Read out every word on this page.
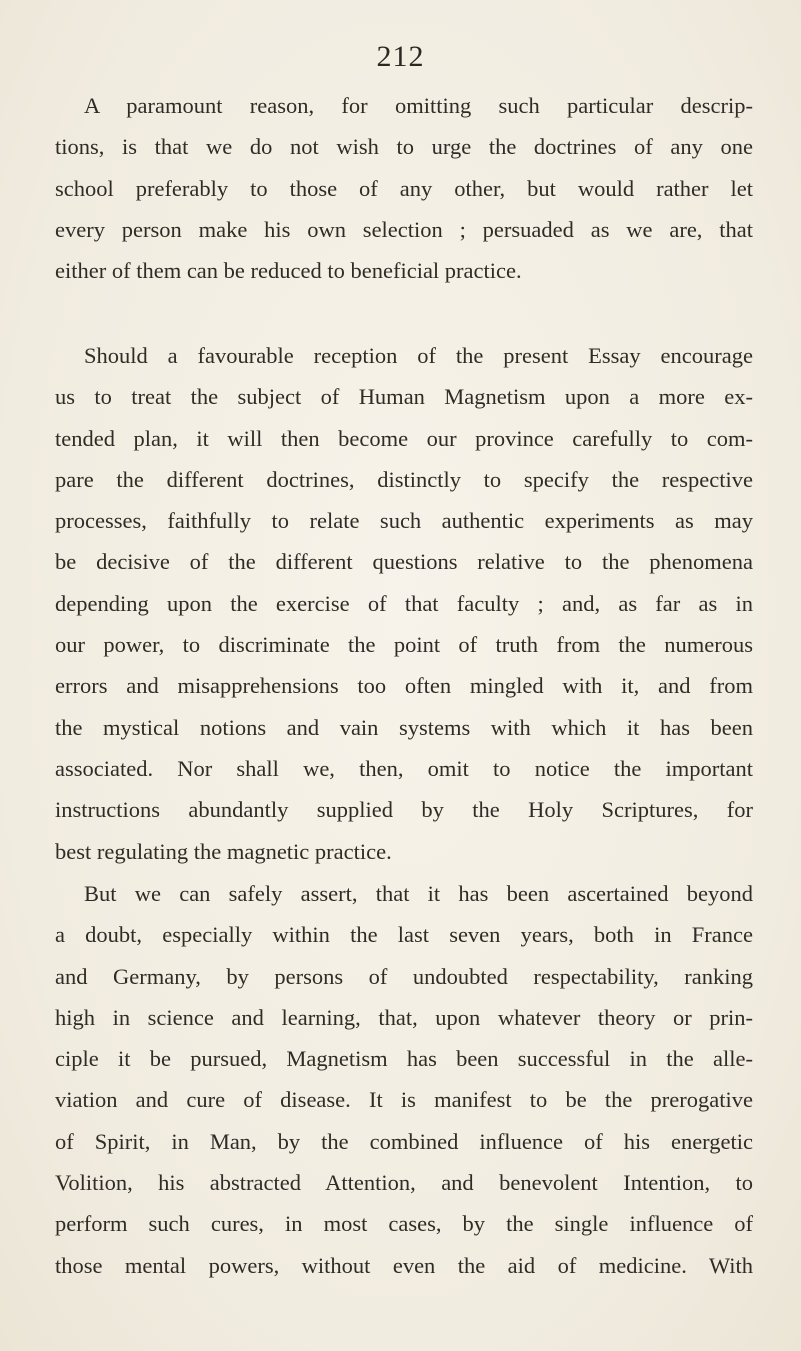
212
A paramount reason, for omitting such particular descrip-
tions, is that we do not wish to urge the doctrines of any one
school preferably to those of any other, but would rather let
every person make his own selection ; persuaded as we are, that
either of them can be reduced to beneficial practice.
Should a favourable reception of the present Essay encourage
us to treat the subject of Human Magnetism upon a more ex-
tended plan, it will then become our province carefully to com-
pare the different doctrines, distinctly to specify the respective
processes, faithfully to relate such authentic experiments as may
be decisive of the different questions relative to the phenomena
depending upon the exercise of that faculty ; and, as far as in
our power, to discriminate the point of truth from the numerous
errors and misapprehensions too often mingled with it, and from
the mystical notions and vain systems with which it has been
associated. Nor shall we, then, omit to notice the important
instructions abundantly supplied by the Holy Scriptures, for
best regulating the magnetic practice.
But we can safely assert, that it has been ascertained beyond
a doubt, especially within the last seven years, both in France
and Germany, by persons of undoubted respectability, ranking
high in science and learning, that, upon whatever theory or prin-
ciple it be pursued, Magnetism has been successful in the alle-
viation and cure of disease. It is manifest to be the prerogative
of Spirit, in Man, by the combined influence of his energetic
Volition, his abstracted Attention, and benevolent Intention, to
perform such cures, in most cases, by the single influence of
those mental powers, without even the aid of medicine. With
